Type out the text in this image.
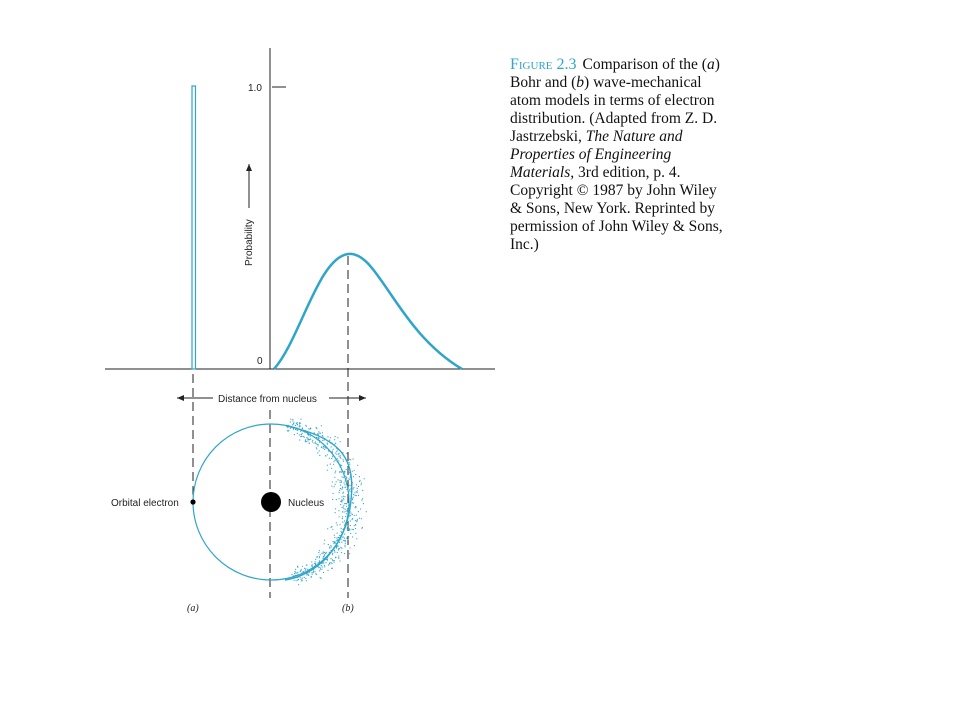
1.0
0
Probability
Distance from nucleus
Nucleus
Orbital electron
(a)	(b)
Figure 2.3 Comparison of the (a) Bohr and (b) wave-mechanical atom models in terms of electron distribution. (Adapted from Z. D. Jastrzebski, The Nature and Properties of Engineering Materials, 3rd edition, p. 4. Copyright © 1987 by John Wiley & Sons, New York. Reprinted by permission of John Wiley & Sons, Inc.)
